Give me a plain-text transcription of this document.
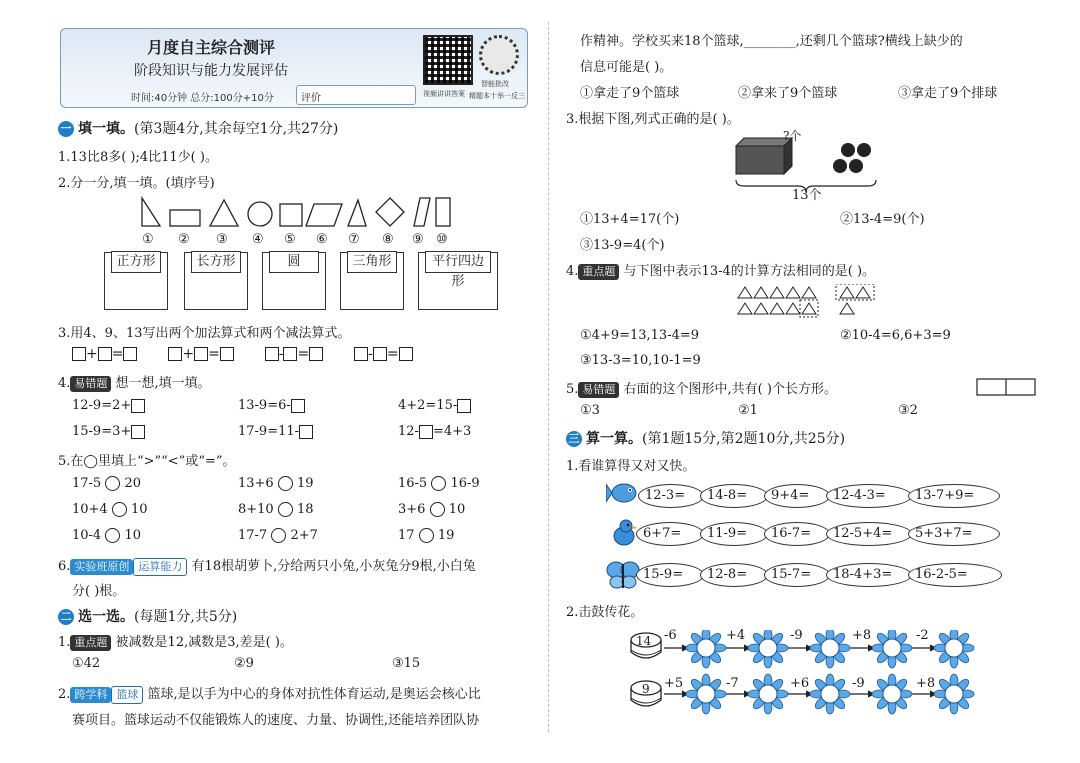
月度自主综合测评
阶段知识与能力发展评估
时间:40分钟 总分:100分+10分	评价	视频讲讲答案
智能批改
精题本十举一反三
一 填一填。(第3题4分,其余每空1分,共27分)
1.13比8多( );4比11少( )。
2.分一分,填一填。(填序号)
① ② ③ ④ ⑤ ⑥ ⑦ ⑧ ⑨ ⑩
正方形	长方形	圆	三角形	平行四边形
3.用4、9、13写出两个加法算式和两个减法算式。
+ =	+ =	- =	- =
4. 易错题 想一想,填一填。
12-9=2+	13-9=6-	4+2=15-
15-9=3+	17-9=11-	12- =4+3
5.在◯里填上“>”“<”或“=”。
17-5 20	13+6 19	16-5 16-9
10+4 10	8+10 18	3+6 10
10-4 10	17-7 2+7	17 19
6. 实验班原创 运算能力 有18根胡萝卜,分给两只小兔,小灰兔分9根,小白兔
分( )根。
二 选一选。(每题1分,共5分)
1. 重点题 被减数是12,减数是3,差是( )。
①42	②9	③15
2. 跨学科 篮球 篮球,是以手为中心的身体对抗性体育运动,是奥运会核心比
赛项目。篮球运动不仅能锻炼人的速度、力量、协调性,还能培养团队协
作精神。学校买来18个篮球,________,还剩几个篮球?横线上缺少的
信息可能是( )。
①拿走了9个篮球	②拿来了9个篮球	③拿走了9个排球
3.根据下图,列式正确的是( )。
?个
13个
①13+4=17(个)	②13-4=9(个)
③13-9=4(个)
4. 重点题 与下图中表示13-4的计算方法相同的是( )。
①4+9=13,13-4=9	②10-4=6,6+3=9
③13-3=10,10-1=9
5. 易错题 右面的这个图形中,共有( )个长方形。
①3	②1	③2
三 算一算。(第1题15分,第2题10分,共25分)
1.看谁算得又对又快。
12-3=	14-8=	9+4=	12-4-3=	13-7+9=
6+7=	11-9=	16-7=	12-5+4=	5+3+7=
15-9=	12-8=	15-7=	18-4+3=	16-2-5=
2.击鼓传花。
14
9
-6	+4	-9	+8	-2
+5	-7	+6	-9	+8
